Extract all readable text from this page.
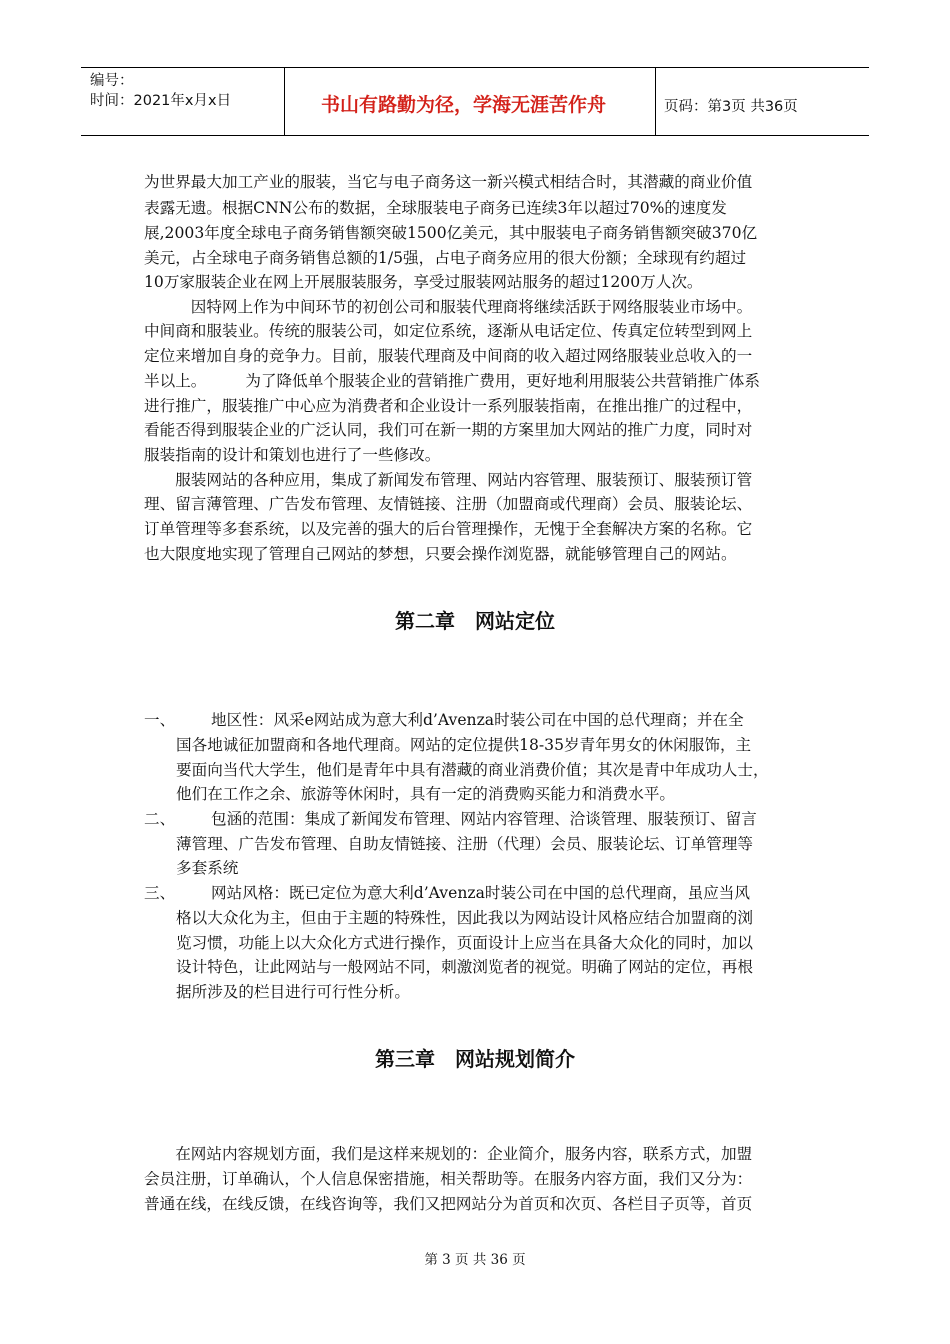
编号：
时间：2021年x月x日	书山有路勤为径，学海无涯苦作舟	页码：第3页 共36页
为世界最大加工产业的服装，当它与电子商务这一新兴模式相结合时，其潜藏的商业价值
表露无遗。根据CNN公布的数据，全球服装电子商务已连续3年以超过70%的速度发
展,2003年度全球电子商务销售额突破1500亿美元，其中服装电子商务销售额突破370亿
美元，占全球电子商务销售总额的1/5强，占电子商务应用的很大份额；全球现有约超过
10万家服装企业在网上开展服装服务，享受过服装网站服务的超过1200万人次。
　　　因特网上作为中间环节的初创公司和服装代理商将继续活跃于网络服装业市场中。
中间商和服装业。传统的服装公司，如定位系统，逐渐从电话定位、传真定位转型到网上
定位来增加自身的竞争力。目前，服装代理商及中间商的收入超过网络服装业总收入的一
半以上。　　　为了降低单个服装企业的营销推广费用，更好地利用服装公共营销推广体系
进行推广，服装推广中心应为消费者和企业设计一系列服装指南，在推出推广的过程中，
看能否得到服装企业的广泛认同，我们可在新一期的方案里加大网站的推广力度，同时对
服装指南的设计和策划也进行了一些修改。
　　服装网站的各种应用，集成了新闻发布管理、网站内容管理、服装预订、服装预订管
理、留言薄管理、广告发布管理、友情链接、注册（加盟商或代理商）会员、服装论坛、
订单管理等多套系统，以及完善的强大的后台管理操作，无愧于全套解决方案的名称。它
也大限度地实现了管理自己网站的梦想，只要会操作浏览器，就能够管理自己的网站。
第二章　网站定位
一、 地区性：风采e网站成为意大利d’Avenza时装公司在中国的总代理商；并在全
国各地诚征加盟商和各地代理商。网站的定位提供18-35岁青年男女的休闲服饰，主
要面向当代大学生，他们是青年中具有潜藏的商业消费价值；其次是青中年成功人士，
他们在工作之余、旅游等休闲时，具有一定的消费购买能力和消费水平。
二、 包涵的范围：集成了新闻发布管理、网站内容管理、洽谈管理、服装预订、留言
薄管理、广告发布管理、自助友情链接、注册（代理）会员、服装论坛、订单管理等
多套系统
三、 网站风格：既已定位为意大利d’Avenza时装公司在中国的总代理商，虽应当风
格以大众化为主，但由于主题的特殊性，因此我以为网站设计风格应结合加盟商的浏
览习惯，功能上以大众化方式进行操作，页面设计上应当在具备大众化的同时，加以
设计特色，让此网站与一般网站不同，刺激浏览者的视觉。明确了网站的定位，再根
据所涉及的栏目进行可行性分析。
第三章　网站规划简介
　　在网站内容规划方面，我们是这样来规划的：企业简介，服务内容，联系方式，加盟
会员注册，订单确认，个人信息保密措施，相关帮助等。在服务内容方面，我们又分为：
普通在线，在线反馈，在线咨询等，我们又把网站分为首页和次页、各栏目子页等，首页
第 3 页 共 36 页
